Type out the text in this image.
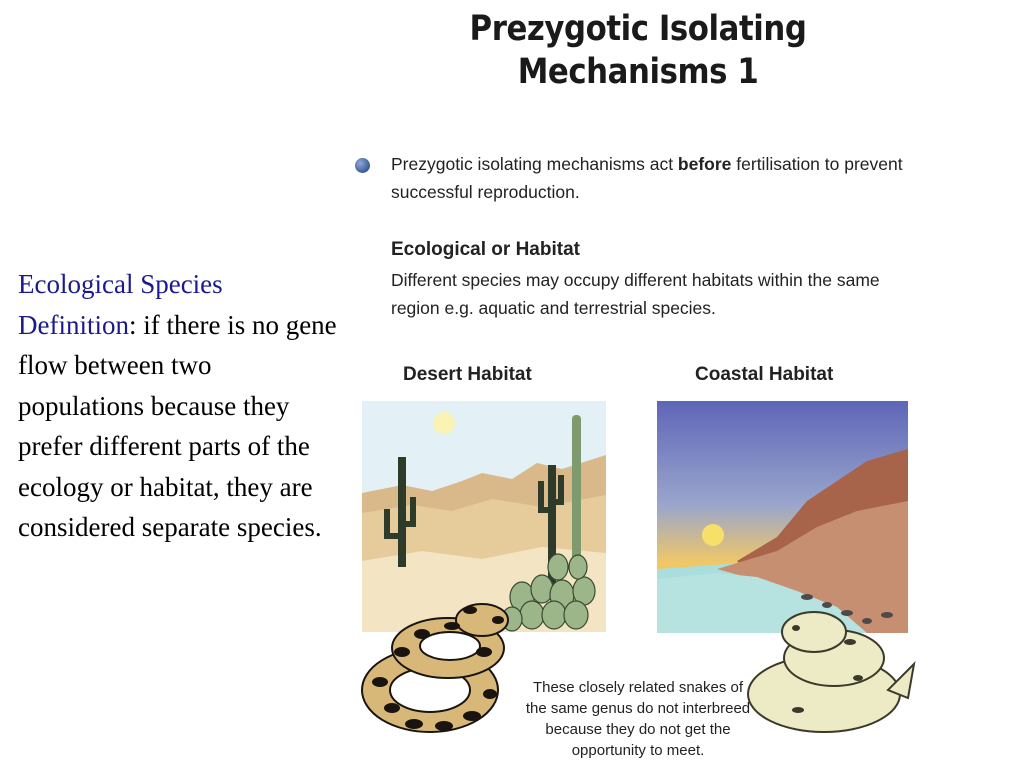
Prezygotic Isolating
Mechanisms 1
Ecological Species Definition: if there is no gene flow between two populations because they prefer different parts of the ecology or habitat, they are considered separate species.
Prezygotic isolating mechanisms act before fertilisation to prevent successful reproduction.
Ecological or Habitat
Different species may occupy different habitats within the same region e.g. aquatic and terrestrial species.
Desert Habitat	Coastal Habitat
These closely related snakes of the same genus do not interbreed because they do not get the opportunity to meet.
